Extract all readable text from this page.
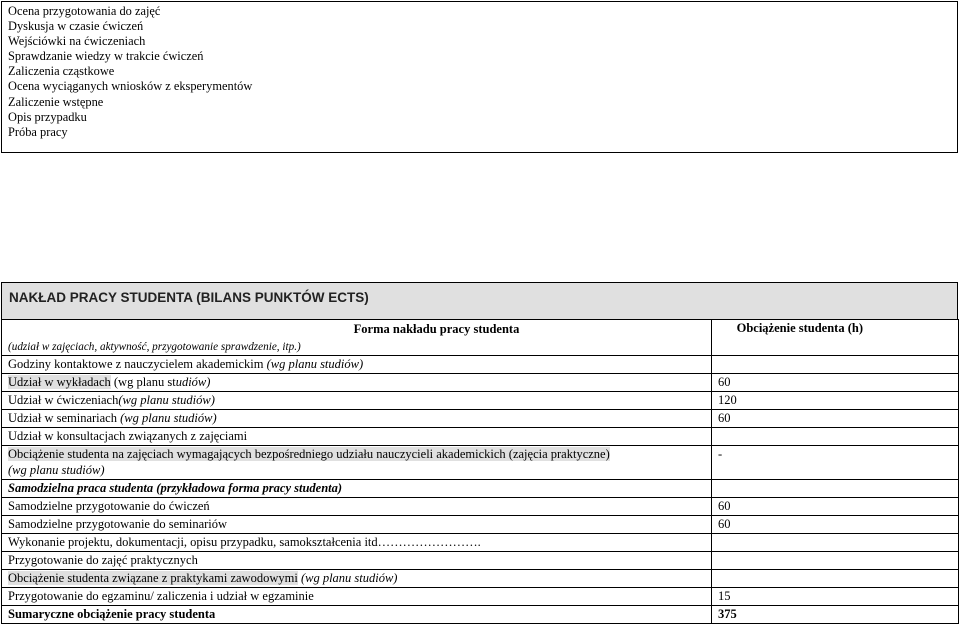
Ocena przygotowania do zajęć
Dyskusja w czasie ćwiczeń
Wejściówki na ćwiczeniach
Sprawdzanie wiedzy w trakcie ćwiczeń
Zaliczenia cząstkowe
Ocena wyciąganych wniosków z eksperymentów
Zaliczenie wstępne
Opis przypadku
Próba pracy
NAKŁAD PRACY STUDENTA (BILANS PUNKTÓW ECTS)
Forma nakładu pracy studenta
(udział w zajęciach, aktywność, przygotowanie sprawdzenie, itp.)	Obciążenie studenta (h)
Godziny kontaktowe z nauczycielem akademickim (wg planu studiów)	
Udział w wykładach (wg planu studiów)	60
Udział w ćwiczeniach(wg planu studiów)	120
Udział w seminariach (wg planu studiów)	60
Udział w konsultacjach związanych z zajęciami	
Obciążenie studenta na zajęciach wymagających bezpośredniego udziału nauczycieli akademickich (zajęcia praktyczne)
(wg planu studiów)	-
Samodzielna praca studenta (przykładowa forma pracy studenta)	
Samodzielne przygotowanie do ćwiczeń	60
Samodzielne przygotowanie do seminariów	60
Wykonanie projektu, dokumentacji, opisu przypadku, samokształcenia itd…………………….	
Przygotowanie do zajęć praktycznych	
Obciążenie studenta związane z praktykami zawodowymi (wg planu studiów)	
Przygotowanie do egzaminu/ zaliczenia i udział w egzaminie	15
Sumaryczne obciążenie pracy studenta	375
